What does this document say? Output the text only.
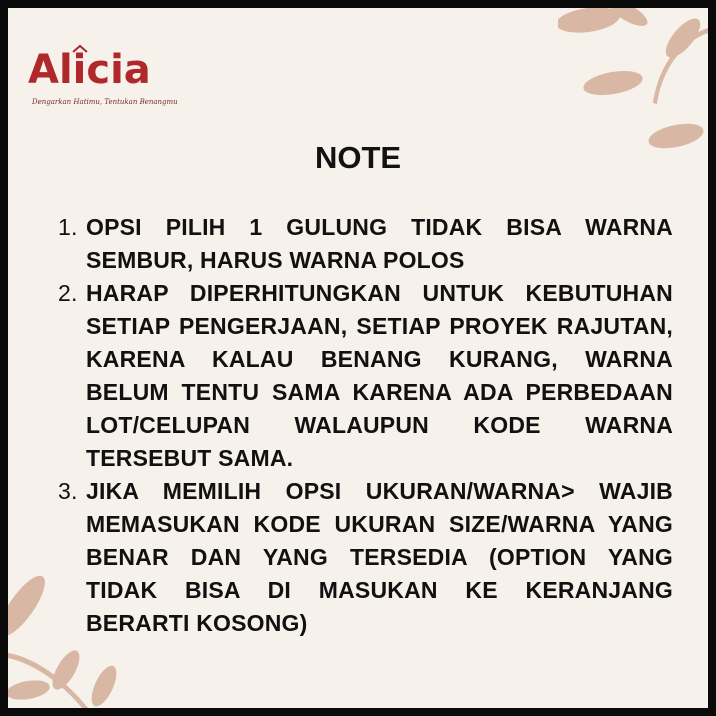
Alicia
Dengarkan Hatimu, Tentukan Benangmu
NOTE
1. OPSI PILIH 1 GULUNG TIDAK BISA WARNA SEMBUR, HARUS WARNA POLOS
2. HARAP DIPERHITUNGKAN UNTUK KEBUTUHAN SETIAP PENGERJAAN, SETIAP PROYEK RAJUTAN, KARENA KALAU BENANG KURANG, WARNA BELUM TENTU SAMA KARENA ADA PERBEDAAN LOT/CELUPAN WALAUPUN KODE WARNA TERSEBUT SAMA.
3. JIKA MEMILIH OPSI UKURAN/WARNA> WAJIB MEMASUKAN KODE UKURAN SIZE/WARNA YANG BENAR DAN YANG TERSEDIA (OPTION YANG TIDAK BISA DI MASUKAN KE KERANJANG BERARTI KOSONG)
